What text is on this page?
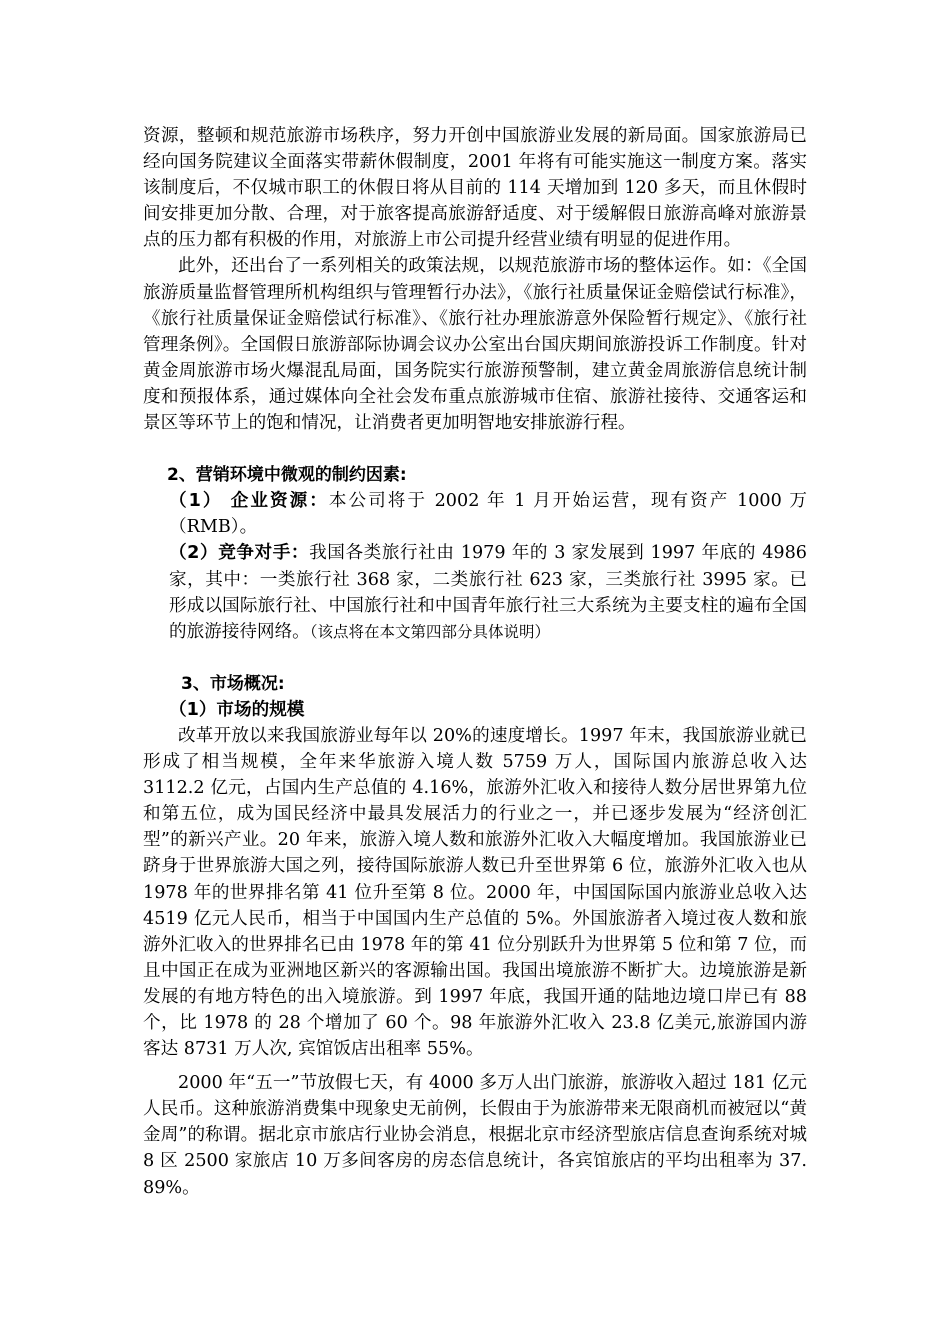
资源，整顿和规范旅游市场秩序，努力开创中国旅游业发展的新局面。国家旅游局已经向国务院建议全面落实带薪休假制度，2001 年将有可能实施这一制度方案。落实该制度后，不仅城市职工的休假日将从目前的 114 天增加到 120 多天，而且休假时间安排更加分散、合理，对于旅客提高旅游舒适度、对于缓解假日旅游高峰对旅游景点的压力都有积极的作用，对旅游上市公司提升经营业绩有明显的促进作用。

此外，还出台了一系列相关的政策法规，以规范旅游市场的整体运作。如：《全国旅游质量监督管理所机构组织与管理暂行办法》，《旅行社质量保证金赔偿试行标准》，《旅行社质量保证金赔偿试行标准》、《旅行社办理旅游意外保险暂行规定》、《旅行社管理条例》。全国假日旅游部际协调会议办公室出台国庆期间旅游投诉工作制度。针对黄金周旅游市场火爆混乱局面，国务院实行旅游预警制，建立黄金周旅游信息统计制度和预报体系，通过媒体向全社会发布重点旅游城市住宿、旅游社接待、交通客运和景区等环节上的饱和情况，让消费者更加明智地安排旅游行程。

2、营销环境中微观的制约因素:

（1） 企业资源：本公司将于 2002 年 1 月开始运营，现有资产 1000 万（RMB）。

（2）竞争对手：我国各类旅行社由 1979 年的 3 家发展到 1997 年底的 4986 家，其中：一类旅行社 368 家，二类旅行社 623 家，三类旅行社 3995 家。已形成以国际旅行社、中国旅行社和中国青年旅行社三大系统为主要支柱的遍布全国的旅游接待网络。（该点将在本文第四部分具体说明）

3、市场概况:

（1）市场的规模

改革开放以来我国旅游业每年以 20%的速度增长。1997 年末，我国旅游业就已形成了相当规模，全年来华旅游入境人数 5759 万人，国际国内旅游总收入达 3112.2 亿元，占国内生产总值的 4.16%，旅游外汇收入和接待人数分居世界第九位和第五位，成为国民经济中最具发展活力的行业之一，并已逐步发展为“经济创汇型”的新兴产业。20 年来，旅游入境人数和旅游外汇收入大幅度增加。我国旅游业已跻身于世界旅游大国之列，接待国际旅游人数已升至世界第 6 位，旅游外汇收入也从 1978 年的世界排名第 41 位升至第 8 位。2000 年，中国国际国内旅游业总收入达 4519 亿元人民币，相当于中国国内生产总值的 5%。外国旅游者入境过夜人数和旅游外汇收入的世界排名已由 1978 年的第 41 位分别跃升为世界第 5 位和第 7 位，而且中国正在成为亚洲地区新兴的客源输出国。我国出境旅游不断扩大。边境旅游是新发展的有地方特色的出入境旅游。到 1997 年底，我国开通的陆地边境口岸已有 88 个，比 1978 的 28 个增加了 60 个。98 年旅游外汇收入 23.8 亿美元,旅游国内游客达 8731 万人次, 宾馆饭店出租率 55%。

2000 年“五一”节放假七天，有 4000 多万人出门旅游，旅游收入超过 181 亿元人民币。这种旅游消费集中现象史无前例，长假由于为旅游带来无限商机而被冠以“黄金周”的称谓。据北京市旅店行业协会消息，根据北京市经济型旅店信息查询系统对城 8 区 2500 家旅店 10 万多间客房的房态信息统计，各宾馆旅店的平均出租率为 37. 89%。
